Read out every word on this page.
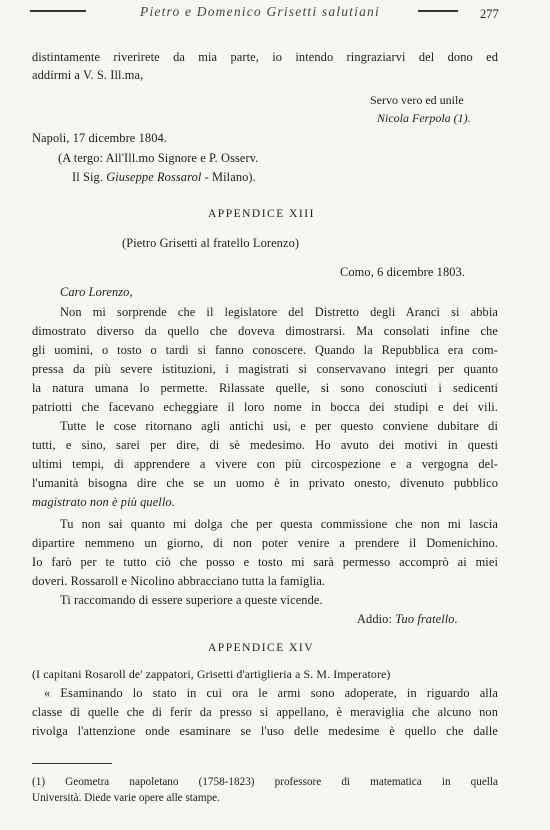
Pietro e Domenico Grisetti salutiani	277
distintamente riverirete da mia parte, io intendo ringraziarvi del dono ed
addirmi a V. S. Ill.ma,
Servo vero ed unile
Nicola Ferpola (1).
Napoli, 17 dicembre 1804.
(A tergo: All'Ill.mo Signore e P. Osserv.
Il Sig. Giuseppe Rossarol - Milano).
APPENDICE XIII
(Pietro Grisetti al fratello Lorenzo)
Como, 6 dicembre 1803.
Caro Lorenzo,
Non mi sorprende che il legislatore del Distretto degli Aranci si abbia
dimostrato diverso da quello che doveva dimostrarsi. Ma consolati infine che
gli uomini, o tosto o tardi si fanno conoscere. Quando la Repubblica era com-
pressa da più severe istituzioni, i magistrati si conservavano integri per quanto
la natura umana lo permette. Rilassate quelle, si sono conosciuti i sedicenti
patriotti che facevano echeggiare il loro nome in bocca dei studipi e dei vili.
Tutte le cose ritornano agli antichi usi, e per questo conviene dubitare di
tutti, e sino, sarei per dire, di sè medesimo. Ho avuto dei motivi in questi
ultimi tempi, di apprendere a vivere con più circospezione e a vergogna del-
l'umanità bisogna dire che se un uomo è in privato onesto, divenuto pubblico
magistrato non è più quello.
Tu non sai quanto mi dolga che per questa commissione che non mi lascia
dipartire nemmeno un giorno, di non poter venire a prendere il Domenichino.
Io farò per te tutto ciò che posso e tosto mi sarà permesso accomprò ai miei
doveri. Rossaroll e Nicolino abbracciano tutta la famiglia.
Ti raccomando di essere superiore a queste vicende.
Addio: Tuo fratello.
APPENDICE XIV
(I capitani Rosaroll de' zappatori, Grisetti d'artiglieria a S. M. Imperatore)
« Esaminando lo stato in cui ora le armi sono adoperate, in riguardo alla
classe di quelle che di ferir da presso si appellano, è meraviglia che alcuno non
rivolga l'attenzione onde esaminare se l'uso delle medesime è quello che dalle
(1) Geometra napoletano (1758-1823) professore di matematica in quella
Università. Diede varie opere alle stampe.
